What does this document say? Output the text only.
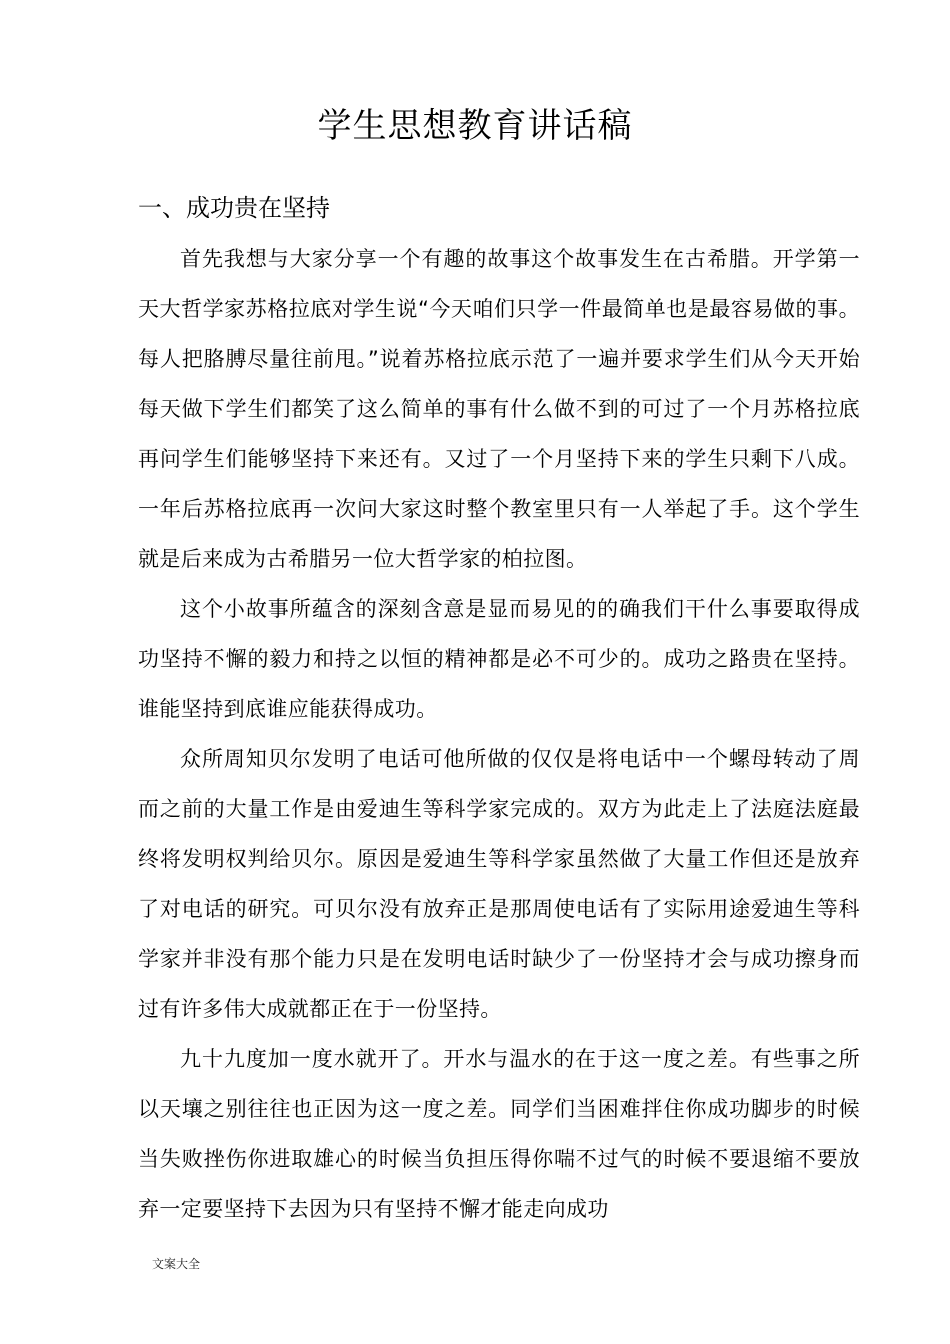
学生思想教育讲话稿
一、成功贵在坚持

首先我想与大家分享一个有趣的故事这个故事发生在古希腊。开学第一天大哲学家苏格拉底对学生说“今天咱们只学一件最简单也是最容易做的事。每人把胳膊尽量往前甩。”说着苏格拉底示范了一遍并要求学生们从今天开始每天做下学生们都笑了这么简单的事有什么做不到的可过了一个月苏格拉底再问学生们能够坚持下来还有。又过了一个月坚持下来的学生只剩下八成。一年后苏格拉底再一次问大家这时整个教室里只有一人举起了手。这个学生就是后来成为古希腊另一位大哲学家的柏拉图。

这个小故事所蕴含的深刻含意是显而易见的的确我们干什么事要取得成功坚持不懈的毅力和持之以恒的精神都是必不可少的。成功之路贵在坚持。谁能坚持到底谁应能获得成功。

众所周知贝尔发明了电话可他所做的仅仅是将电话中一个螺母转动了周而之前的大量工作是由爱迪生等科学家完成的。双方为此走上了法庭法庭最终将发明权判给贝尔。原因是爱迪生等科学家虽然做了大量工作但还是放弃了对电话的研究。可贝尔没有放弃正是那周使电话有了实际用途爱迪生等科学家并非没有那个能力只是在发明电话时缺少了一份坚持才会与成功擦身而过有许多伟大成就都正在于一份坚持。

九十九度加一度水就开了。开水与温水的在于这一度之差。有些事之所以天壤之别往往也正因为这一度之差。同学们当困难拌住你成功脚步的时候当失败挫伤你进取雄心的时候当负担压得你喘不过气的时候不要退缩不要放弃一定要坚持下去因为只有坚持不懈才能走向成功

文案大全
